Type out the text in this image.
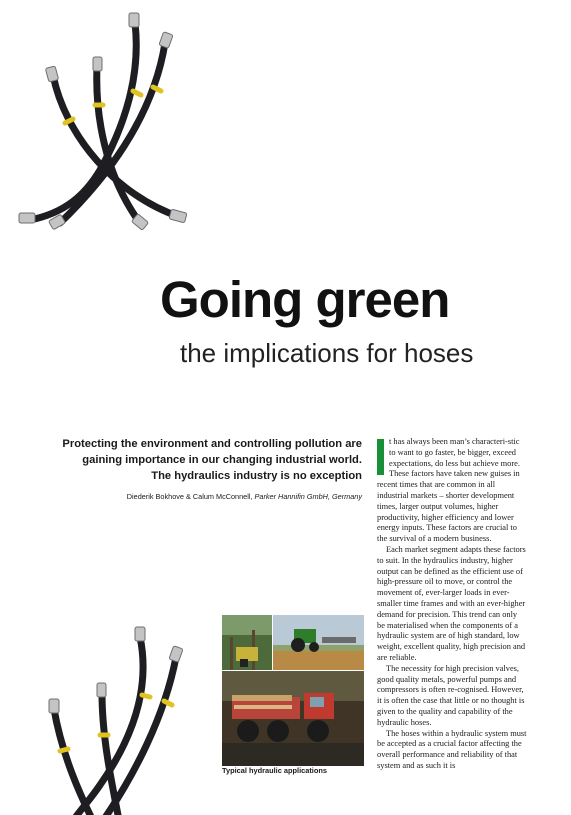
Going green
the implications for hoses
Protecting the environment and controlling pollution are gaining importance in our changing industrial world. The hydraulics industry is no exception
Diederik Bokhove & Calum McConnell, Parker Hannifin GmbH, Germany

t has always been man’s characteri-stic to want to go faster, be bigger, exceed expectations, do less but achieve more. These factors have taken new guises in recent times that are common in all industrial markets – shorter development times, larger output volumes, higher productivity, higher efficiency and lower energy inputs. These factors are crucial to the survival of a modern business.

Each market segment adapts these factors to suit. In the hydraulics industry, higher output can be defined as the efficient use of high-pressure oil to move, or control the movement of, ever-larger loads in ever-smaller time frames and with an ever-higher demand for precision. This trend can only be materialised when the components of a hydraulic system are of high standard, low weight, excellent quality, high precision and are reliable.

The necessity for high precision valves, good quality metals, powerful pumps and compressors is often re-cognised. However, it is often the case that little or no thought is given to the quality and capability of the hydraulic hoses.

The hoses within a hydraulic system must be accepted as a crucial factor affecting the overall performance and reliability of that system and as such it is

Typical hydraulic applications
